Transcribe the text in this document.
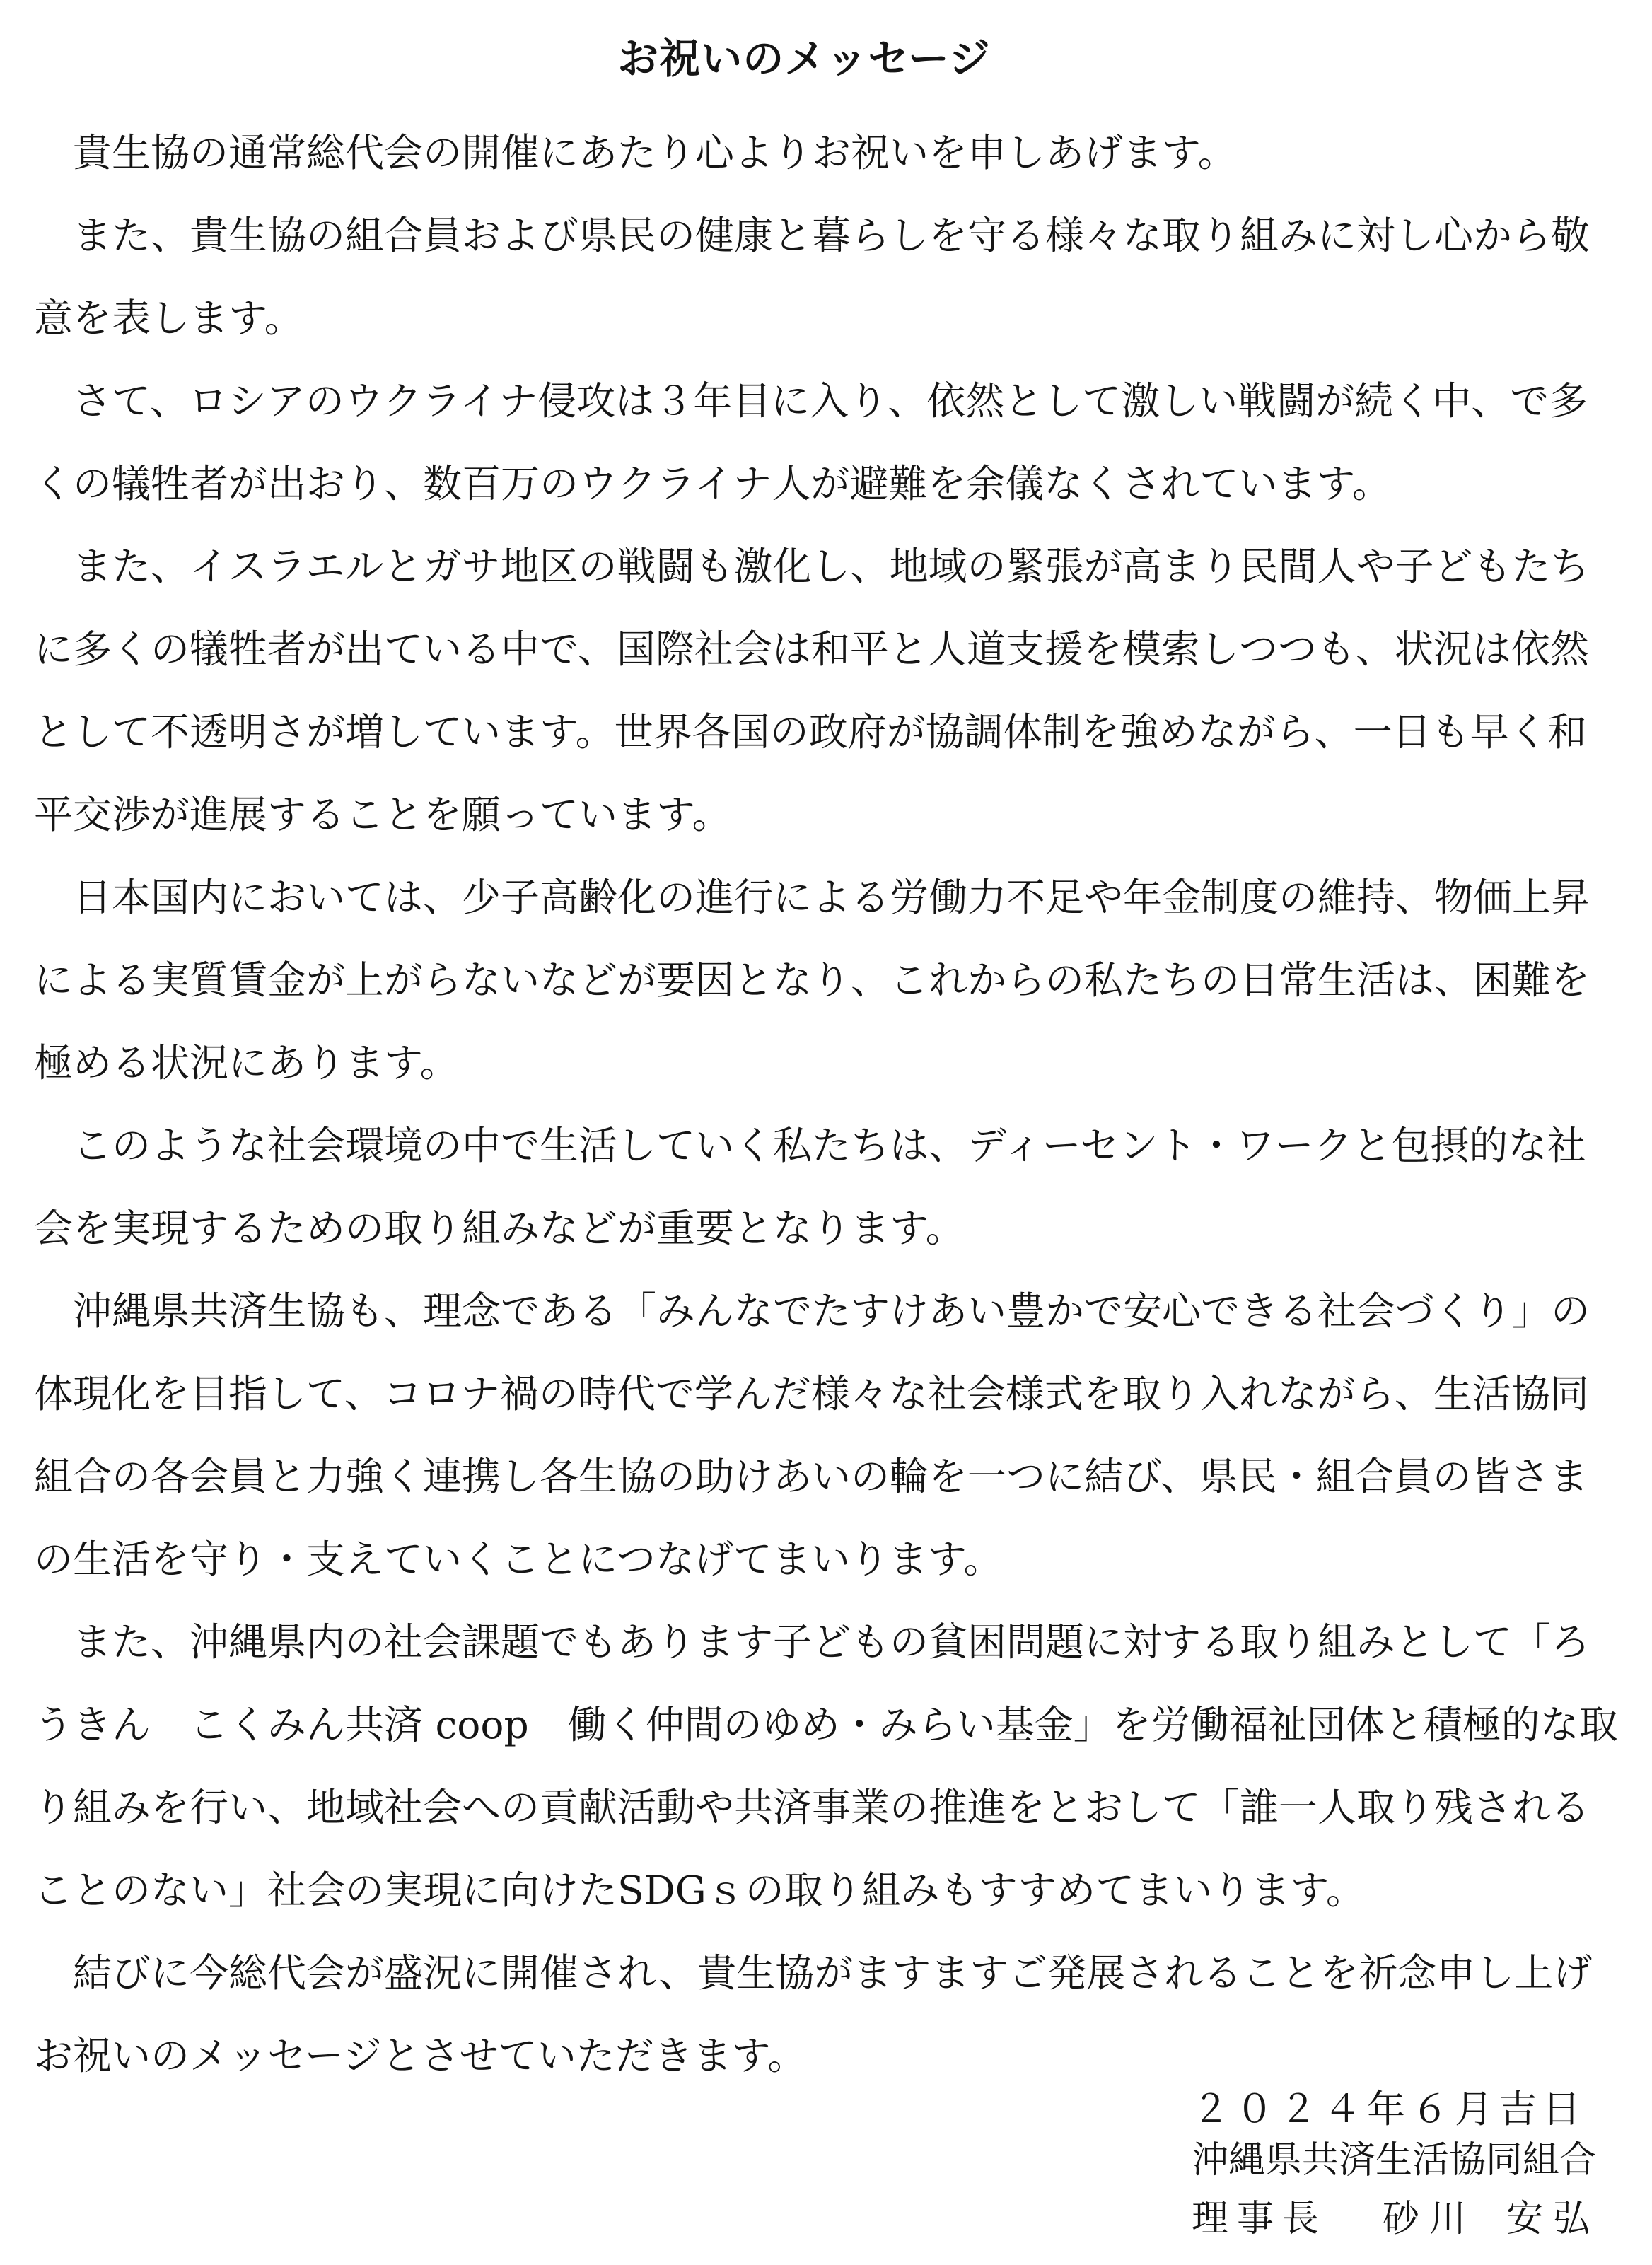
お祝いのメッセージ
貴生協の通常総代会の開催にあたり心よりお祝いを申しあげます。
また、貴生協の組合員および県民の健康と暮らしを守る様々な取り組みに対し心から敬
意を表します。
さて、ロシアのウクライナ侵攻は３年目に入り、依然として激しい戦闘が続く中、で多
くの犠牲者が出おり、数百万のウクライナ人が避難を余儀なくされています。
また、イスラエルとガサ地区の戦闘も激化し、地域の緊張が高まり民間人や子どもたち
に多くの犠牲者が出ている中で、国際社会は和平と人道支援を模索しつつも、状況は依然
として不透明さが増しています。世界各国の政府が協調体制を強めながら、一日も早く和
平交渉が進展することを願っています。
日本国内においては、少子高齢化の進行による労働力不足や年金制度の維持、物価上昇
による実質賃金が上がらないなどが要因となり、これからの私たちの日常生活は、困難を
極める状況にあります。
このような社会環境の中で生活していく私たちは、ディーセント・ワークと包摂的な社
会を実現するための取り組みなどが重要となります。
沖縄県共済生協も、理念である「みんなでたすけあい豊かで安心できる社会づくり」の
体現化を目指して、コロナ禍の時代で学んだ様々な社会様式を取り入れながら、生活協同
組合の各会員と力強く連携し各生協の助けあいの輪を一つに結び、県民・組合員の皆さま
の生活を守り・支えていくことにつなげてまいります。
また、沖縄県内の社会課題でもあります子どもの貧困問題に対する取り組みとして「ろ
うきん　こくみん共済 coop　働く仲間のゆめ・みらい基金」を労働福祉団体と積極的な取
り組みを行い、地域社会への貢献活動や共済事業の推進をとおして「誰一人取り残される
ことのない」社会の実現に向けたSDGｓの取り組みもすすめてまいります。
結びに今総代会が盛況に開催され、貴生協がますますご発展されることを祈念申し上げ
お祝いのメッセージとさせていただきます。
２０２４年６月吉日
沖縄県共済生活協同組合
理事長 砂川 安弘
